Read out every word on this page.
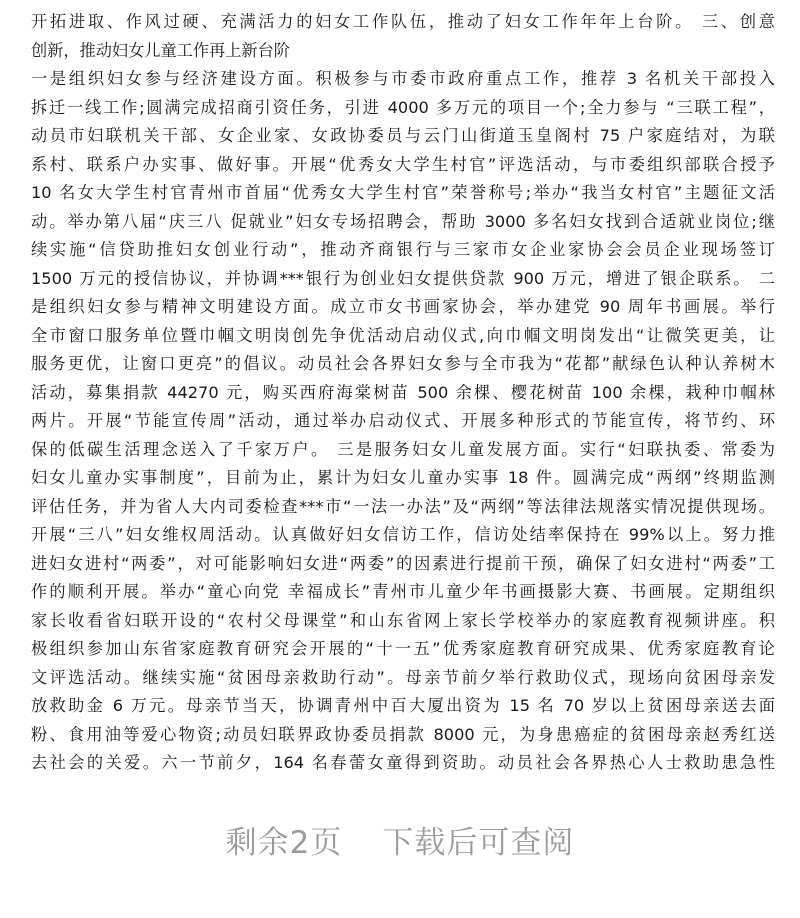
开拓进取、作风过硬、充满活力的妇女工作队伍，推动了妇女工作年年上台阶。 三、创意
创新，推动妇女儿童工作再上新台阶
一是组织妇女参与经济建设方面。积极参与市委市政府重点工作，推荐 3 名机关干部投入
拆迁一线工作;圆满完成招商引资任务，引进 4000 多万元的项目一个;全力参与 “三联工程”，
动员市妇联机关干部、女企业家、女政协委员与云门山街道玉皇阁村 75 户家庭结对，为联
系村、联系户办实事、做好事。开展“优秀女大学生村官”评选活动，与市委组织部联合授予
10 名女大学生村官青州市首届“优秀女大学生村官”荣誉称号;举办“我当女村官”主题征文活
动。举办第八届“庆三八 促就业”妇女专场招聘会，帮助 3000 多名妇女找到合适就业岗位;继
续实施“信贷助推妇女创业行动”，推动齐商银行与三家市女企业家协会会员企业现场签订
1500 万元的授信协议，并协调***银行为创业妇女提供贷款 900 万元，增进了银企联系。 二
是组织妇女参与精神文明建设方面。成立市女书画家协会，举办建党 90 周年书画展。举行
全市窗口服务单位暨巾帼文明岗创先争优活动启动仪式,向巾帼文明岗发出“让微笑更美，让
服务更优，让窗口更亮”的倡议。动员社会各界妇女参与全市我为“花都”献绿色认种认养树木
活动，募集捐款 44270 元，购买西府海棠树苗 500 余棵、樱花树苗 100 余棵，栽种巾帼林
两片。开展“节能宣传周”活动，通过举办启动仪式、开展多种形式的节能宣传，将节约、环
保的低碳生活理念送入了千家万户。 三是服务妇女儿童发展方面。实行“妇联执委、常委为
妇女儿童办实事制度”，目前为止，累计为妇女儿童办实事 18 件。圆满完成“两纲”终期监测
评估任务，并为省人大内司委检查***市“一法一办法”及“两纲”等法律法规落实情况提供现场。
开展“三八”妇女维权周活动。认真做好妇女信访工作，信访处结率保持在 99%以上。努力推
进妇女进村“两委”，对可能影响妇女进“两委”的因素进行提前干预，确保了妇女进村“两委”工
作的顺利开展。举办“童心向党 幸福成长”青州市儿童少年书画摄影大赛、书画展。定期组织
家长收看省妇联开设的“农村父母课堂”和山东省网上家长学校举办的家庭教育视频讲座。积
极组织参加山东省家庭教育研究会开展的“十一五”优秀家庭教育研究成果、优秀家庭教育论
文评选活动。继续实施“贫困母亲救助行动”。母亲节前夕举行救助仪式，现场向贫困母亲发
放救助金 6 万元。母亲节当天，协调青州中百大厦出资为 15 名 70 岁以上贫困母亲送去面
粉、食用油等爱心物资;动员妇联界政协委员捐款 8000 元，为身患癌症的贫困母亲赵秀红送
去社会的关爱。六一节前夕，164 名春蕾女童得到资助。动员社会各界热心人士救助患急性
剩余2页 下载后可查阅
